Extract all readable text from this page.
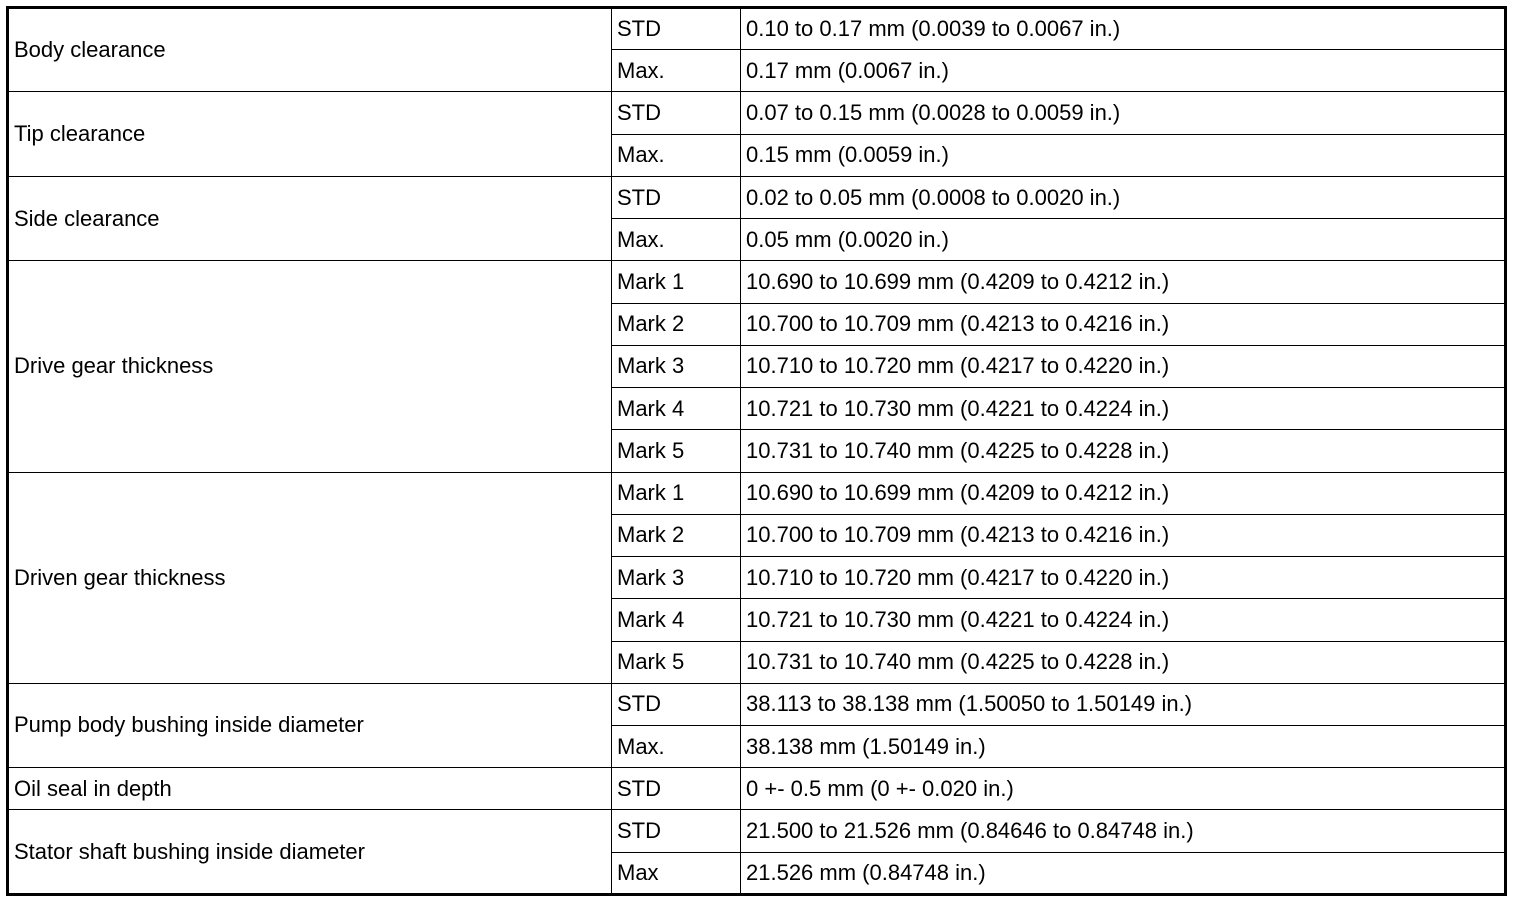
Body clearance	STD	0.10 to 0.17 mm (0.0039 to 0.0067 in.)
	Max.	0.17 mm (0.0067 in.)
Tip clearance	STD	0.07 to 0.15 mm (0.0028 to 0.0059 in.)
	Max.	0.15 mm (0.0059 in.)
Side clearance	STD	0.02 to 0.05 mm (0.0008 to 0.0020 in.)
	Max.	0.05 mm (0.0020 in.)
Drive gear thickness	Mark 1	10.690 to 10.699 mm (0.4209 to 0.4212 in.)
	Mark 2	10.700 to 10.709 mm (0.4213 to 0.4216 in.)
	Mark 3	10.710 to 10.720 mm (0.4217 to 0.4220 in.)
	Mark 4	10.721 to 10.730 mm (0.4221 to 0.4224 in.)
	Mark 5	10.731 to 10.740 mm (0.4225 to 0.4228 in.)
Driven gear thickness	Mark 1	10.690 to 10.699 mm (0.4209 to 0.4212 in.)
	Mark 2	10.700 to 10.709 mm (0.4213 to 0.4216 in.)
	Mark 3	10.710 to 10.720 mm (0.4217 to 0.4220 in.)
	Mark 4	10.721 to 10.730 mm (0.4221 to 0.4224 in.)
	Mark 5	10.731 to 10.740 mm (0.4225 to 0.4228 in.)
Pump body bushing inside diameter	STD	38.113 to 38.138 mm (1.50050 to 1.50149 in.)
	Max.	38.138 mm (1.50149 in.)
Oil seal in depth	STD	0 +- 0.5 mm (0 +- 0.020 in.)
Stator shaft bushing inside diameter	STD	21.500 to 21.526 mm (0.84646 to 0.84748 in.)
	Max	21.526 mm (0.84748 in.)
